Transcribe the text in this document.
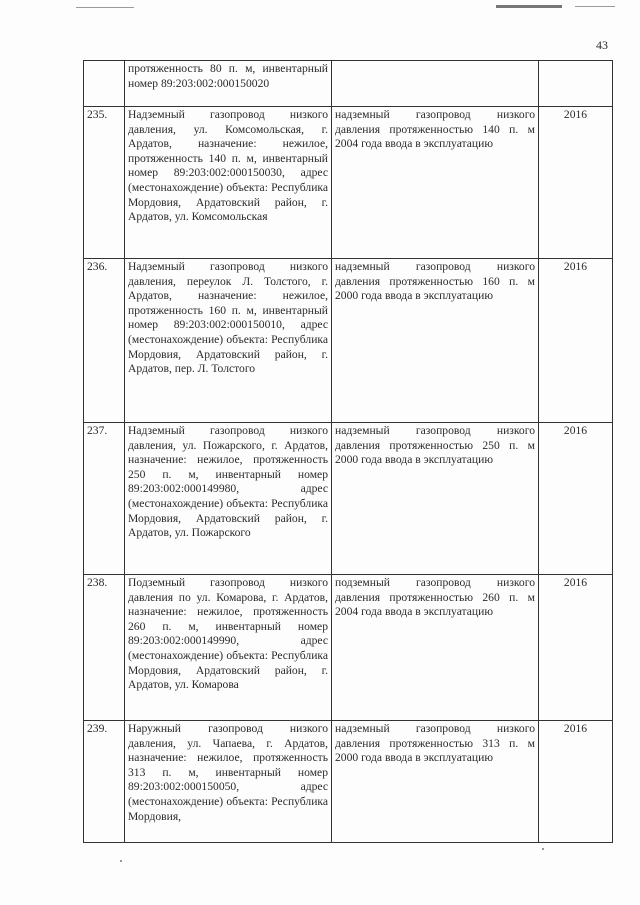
43
	протяженность 80 п. м, инвентарный номер 89:203:002:000150020		
235.	Надземный газопровод низкого давления, ул. Комсомольская, г. Ардатов, назначение: нежилое, протяженность 140 п. м, инвентарный номер 89:203:002:000150030, адрес (местонахождение) объекта: Республика Мордовия, Ардатовский район, г. Ардатов, ул. Комсомольская	надземный газопровод низкого давления протяженностью 140 п. м 2004 года ввода в эксплуатацию	2016
236.	Надземный газопровод низкого давления, переулок Л. Толстого, г. Ардатов, назначение: нежилое, протяженность 160 п. м, инвентарный номер 89:203:002:000150010, адрес (местонахождение) объекта: Республика Мордовия, Ардатовский район, г. Ардатов, пер. Л. Толстого	надземный газопровод низкого давления протяженностью 160 п. м 2000 года ввода в эксплуатацию	2016
237.	Надземный газопровод низкого давления, ул. Пожарского, г. Ардатов, назначение: нежилое, протяженность 250 п. м, инвентарный номер 89:203:002:000149980, адрес (местонахождение) объекта: Республика Мордовия, Ардатовский район, г. Ардатов, ул. Пожарского	надземный газопровод низкого давления протяженностью 250 п. м 2000 года ввода в эксплуатацию	2016
238.	Подземный газопровод низкого давления по ул. Комарова, г. Ардатов, назначение: нежилое, протяженность 260 п. м, инвентарный номер 89:203:002:000149990, адрес (местонахождение) объекта: Республика Мордовия, Ардатовский район, г. Ардатов, ул. Комарова	подземный газопровод низкого давления протяженностью 260 п. м 2004 года ввода в эксплуатацию	2016
239.	Наружный газопровод низкого давления, ул. Чапаева, г. Ардатов, назначение: нежилое, протяженность 313 п. м, инвентарный номер 89:203:002:000150050, адрес (местонахождение) объекта: Республика Мордовия,	надземный газопровод низкого давления протяженностью 313 п. м 2000 года ввода в эксплуатацию	2016
